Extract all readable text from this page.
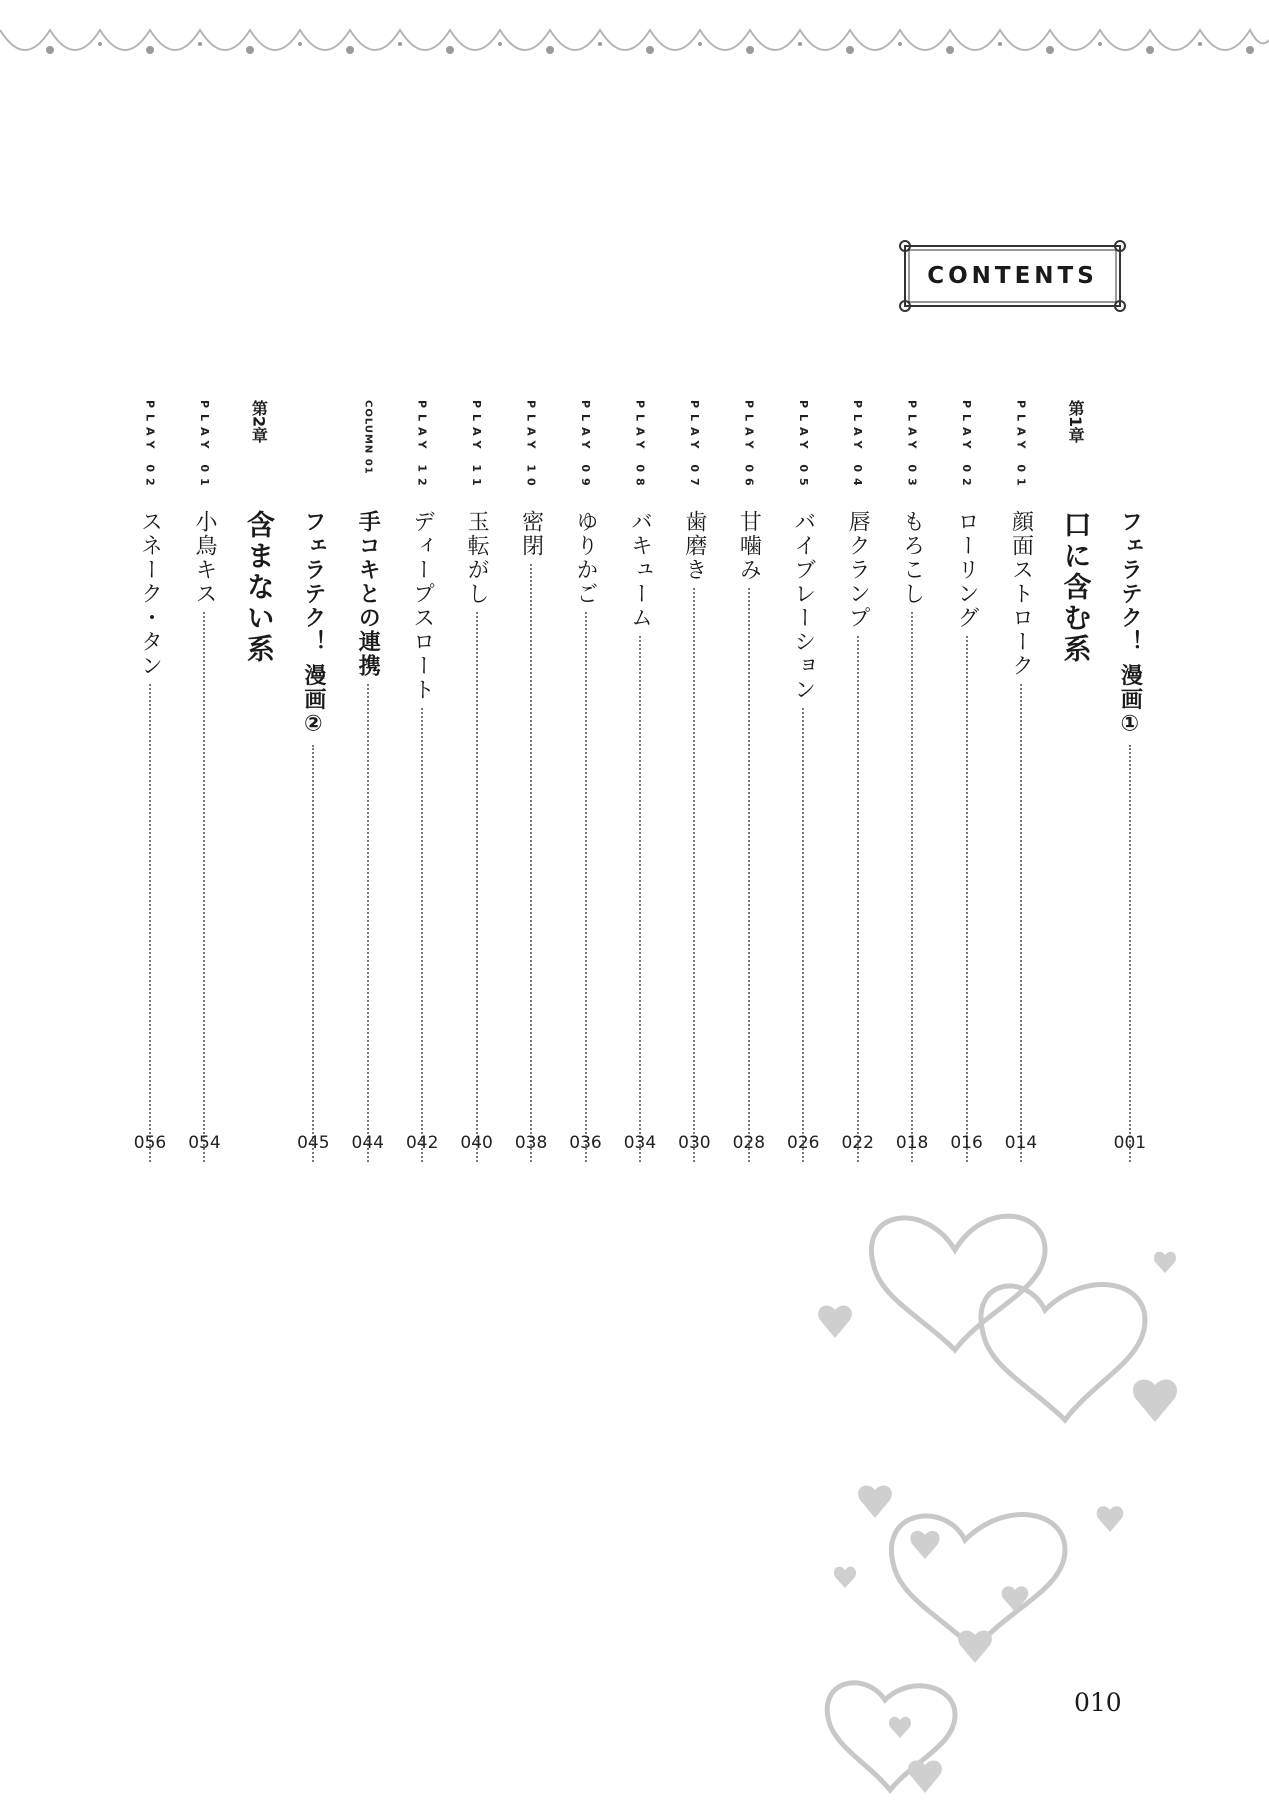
CONTENTS
フェラテク！ 漫画①
001
第1章
口に含む系
PLAY 01
顔面ストローク
014
PLAY 02
ローリング
016
PLAY 03
もろこし
018
PLAY 04
唇クランプ
022
PLAY 05
バイブレーション
026
PLAY 06
甘噛み
028
PLAY 07
歯磨き
030
PLAY 08
バキューム
034
PLAY 09
ゆりかご
036
PLAY 10
密閉
038
PLAY 11
玉転がし
040
PLAY 12
ディープスロート
042
COLUMN 01
手コキとの連携
044
フェラテク！ 漫画②
045
第2章
含まない系
PLAY 01
小鳥キス
054
PLAY 02
スネーク・タン
056
010
